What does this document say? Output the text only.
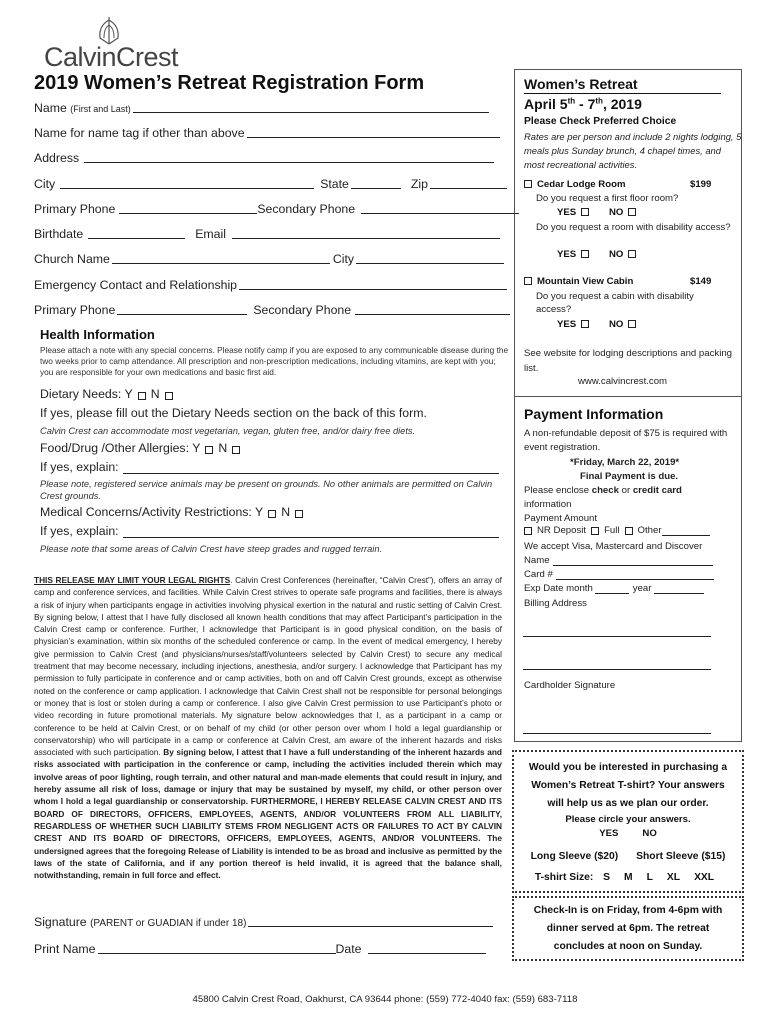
CalvinCrest
2019 Women’s Retreat Registration Form
Name (First and Last)
Name for name tag if other than above
Address
City	State	Zip
Primary Phone	Secondary Phone
Birthdate	Email
Church Name	City
Emergency Contact and Relationship
Primary Phone	Secondary Phone
Health Information
Please attach a note with any special concerns. Please notify camp if you are exposed to any communicable disease during the two weeks prior to camp attendance. All prescription and non-prescription medications, including vitamins, are kept with you; you are responsible for your own medications and basic first aid.
Dietary Needs: Y N
If yes, please fill out the Dietary Needs section on the back of this form.
Calvin Crest can accommodate most vegetarian, vegan, gluten free, and/or dairy free diets.
Food/Drug /Other Allergies: Y N
If yes, explain:
Please note, registered service animals may be present on grounds. No other animals are permitted on Calvin Crest grounds.
Medical Concerns/Activity Restrictions: Y N
If yes, explain:
Please note that some areas of Calvin Crest have steep grades and rugged terrain.
THIS RELEASE MAY LIMIT YOUR LEGAL RIGHTS. Calvin Crest Conferences (hereinafter, “Calvin Crest”), offers an array of camp and conference services, and facilities. While Calvin Crest strives to operate safe programs and facilities, there is always a risk of injury when participants engage in activities involving physical exertion in the natural and rustic setting of Calvin Crest. By signing below, I attest that I have fully disclosed all known health conditions that may affect Participant’s participation in the Calvin Crest camp or conference. Further, I acknowledge that Participant is in good physical condition, on the basis of physician’s examination, within six months of the scheduled conference or camp. In the event of medical emergency, I hereby give permission to Calvin Crest (and physicians/nurses/staff/volunteers selected by Calvin Crest) to secure any medical treatment that may become necessary, including injections, anesthesia, and/or surgery. I acknowledge that Participant has my permission to fully participate in conference and or camp activities, both on and off Calvin Crest grounds, except as otherwise noted on the conference or camp application. I acknowledge that Calvin Crest shall not be responsible for personal belongings or money that is lost or stolen during a camp or conference. I also give Calvin Crest permission to use Participant’s photo or video recording in future promotional materials. My signature below acknowledges that I, as a participant in a camp or conference to be held at Calvin Crest, or on behalf of my child (or other person over whom I hold a legal guardianship or conservatorship) who will participate in a camp or conference at Calvin Crest, am aware of the inherent hazards and risks associated with such participation. By signing below, I attest that I have a full understanding of the inherent hazards and risks associated with participation in the conference or camp, including the activities included therein which may involve areas of poor lighting, rough terrain, and other natural and man-made elements that could result in injury, and hereby assume all risk of loss, damage or injury that may be sustained by myself, my child, or other person over whom I hold a legal guardianship or conservatorship. FURTHERMORE, I HEREBY RELEASE CALVIN CREST AND ITS BOARD OF DIRECTORS, OFFICERS, EMPLOYEES, AGENTS, AND/OR VOLUNTEERS FROM ALL LIABILITY, REGARDLESS OF WHETHER SUCH LIABILITY STEMS FROM NEGLIGENT ACTS OR FAILURES TO ACT BY CALVIN CREST AND ITS BOARD OF DIRECTORS, OFFICERS, EMPLOYEES, AGENTS, AND/OR VOLUNTEERS. The undersigned agrees that the foregoing Release of Liability is intended to be as broad and inclusive as permitted by the laws of the state of California, and if any portion thereof is held invalid, it is agreed that the balance shall, notwithstanding, remain in full force and effect.
Signature (PARENT or GUADIAN if under 18)
Print Name	Date
Women’s Retreat
April 5th - 7th, 2019
Please Check Preferred Choice
Rates are per person and include 2 nights lodging, 5 meals plus Sunday brunch, 4 chapel times, and most recreational activities.
Cedar Lodge Room	$199
Do you request a first floor room?
YES	NO
Do you request a room with disability access?
YES	NO
Mountain View Cabin	$149
Do you request a cabin with disability access?
YES	NO
See website for lodging descriptions and packing list.
www.calvincrest.com
Payment Information
A non-refundable deposit of $75 is required with event registration.
*Friday, March 22, 2019*
Final Payment is due.
Please enclose check or credit card
information
Payment Amount
NR Deposit Full Other
We accept Visa, Mastercard and Discover
Name
Card #
Exp Date month	year
Billing Address
Cardholder Signature
Would you be interested in purchasing a
Women’s Retreat T-shirt? Your answers
will help us as we plan our order.
Please circle your answers.
YES	NO
Long Sleeve ($20) Short Sleeve ($15)
T-shirt Size: S M L XL XXL
Check-In is on Friday, from 4-6pm with
dinner served at 6pm. The retreat
concludes at noon on Sunday.
45800 Calvin Crest Road, Oakhurst, CA 93644 phone: (559) 772-4040 fax: (559) 683-7118
